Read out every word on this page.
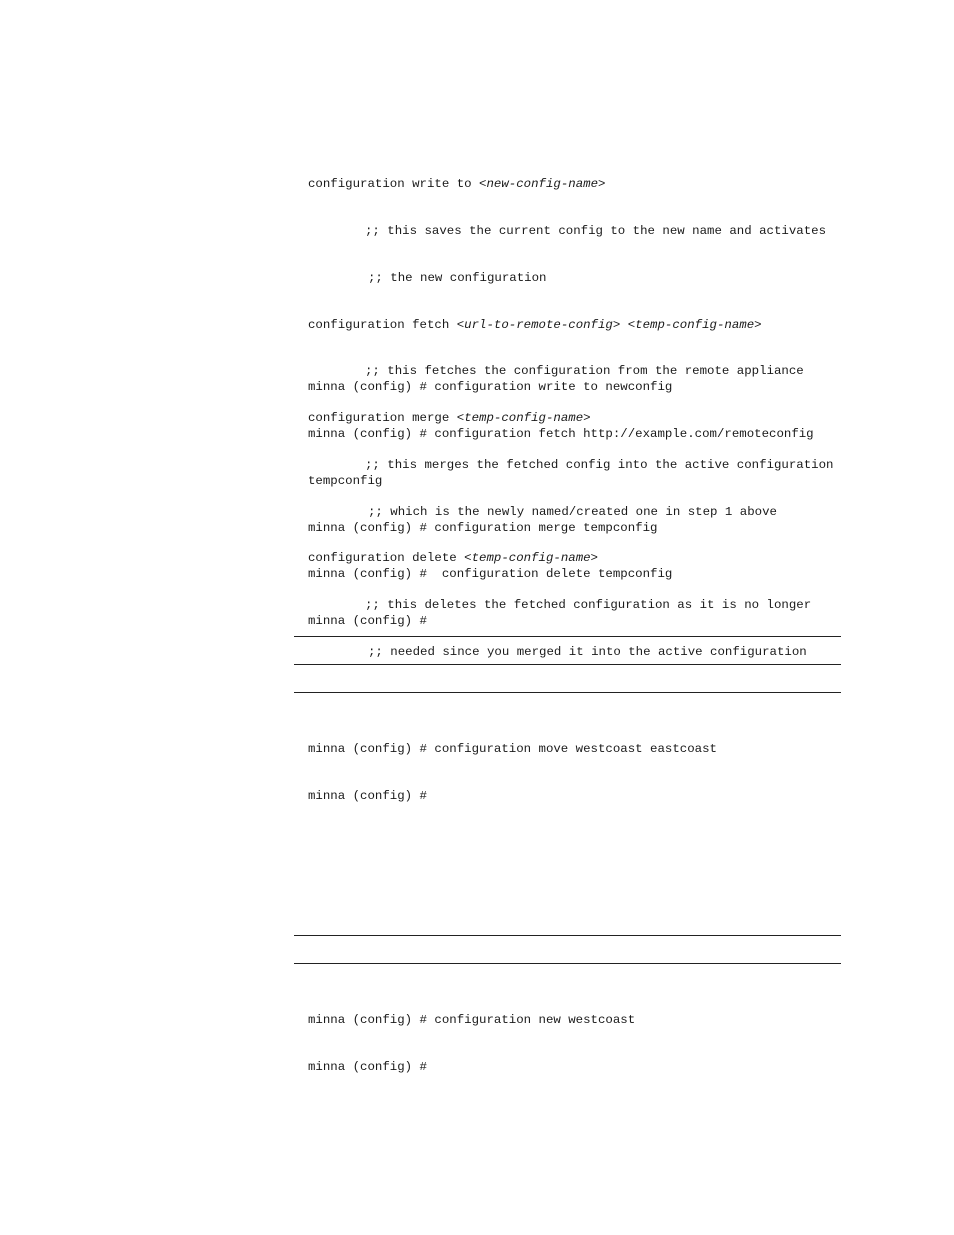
configuration write to <new-config-name>

;; this saves the current config to the new name and activates

;; the new configuration

configuration fetch <url-to-remote-config> <temp-config-name>

;; this fetches the configuration from the remote appliance

configuration merge <temp-config-name>

;; this merges the fetched config into the active configuration

;; which is the newly named/created one in step 1 above

configuration delete <temp-config-name>

;; this deletes the fetched configuration as it is no longer

;; needed since you merged it into the active configuration

minna (config) # configuration write to newconfig

minna (config) # configuration fetch http://example.com/remoteconfig

tempconfig

minna (config) # configuration merge tempconfig

minna (config) #  configuration delete tempconfig

minna (config) #

minna (config) # configuration move westcoast eastcoast

minna (config) #

minna (config) # configuration new westcoast

minna (config) #
